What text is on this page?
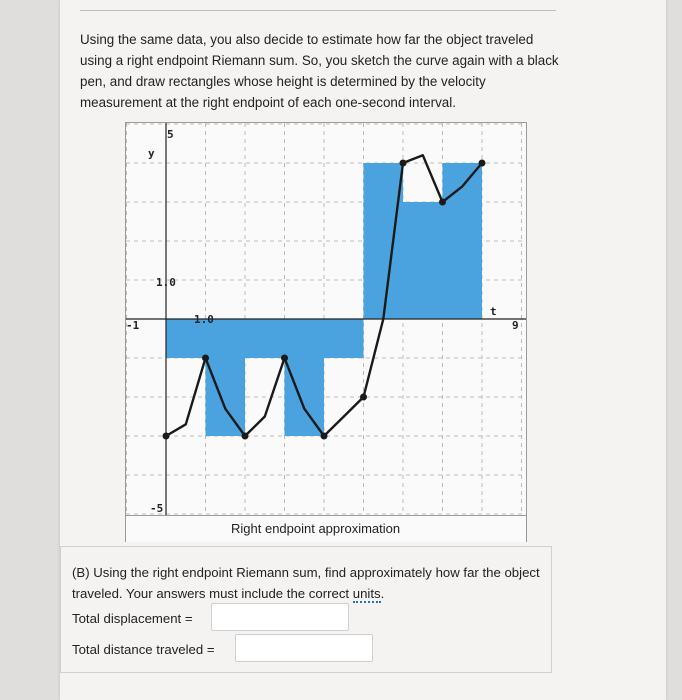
Using the same data, you also decide to estimate how far the object traveled using a right endpoint Riemann sum. So, you sketch the curve again with a black pen, and draw rectangles whose height is determined by the velocity measurement at the right endpoint of each one-second interval.
y
5
1.0
1.0
-1
t
9
-5
Right endpoint approximation
(B) Using the right endpoint Riemann sum, find approximately how far the object traveled. Your answers must include the correct units.
Total displacement =
Total distance traveled =
